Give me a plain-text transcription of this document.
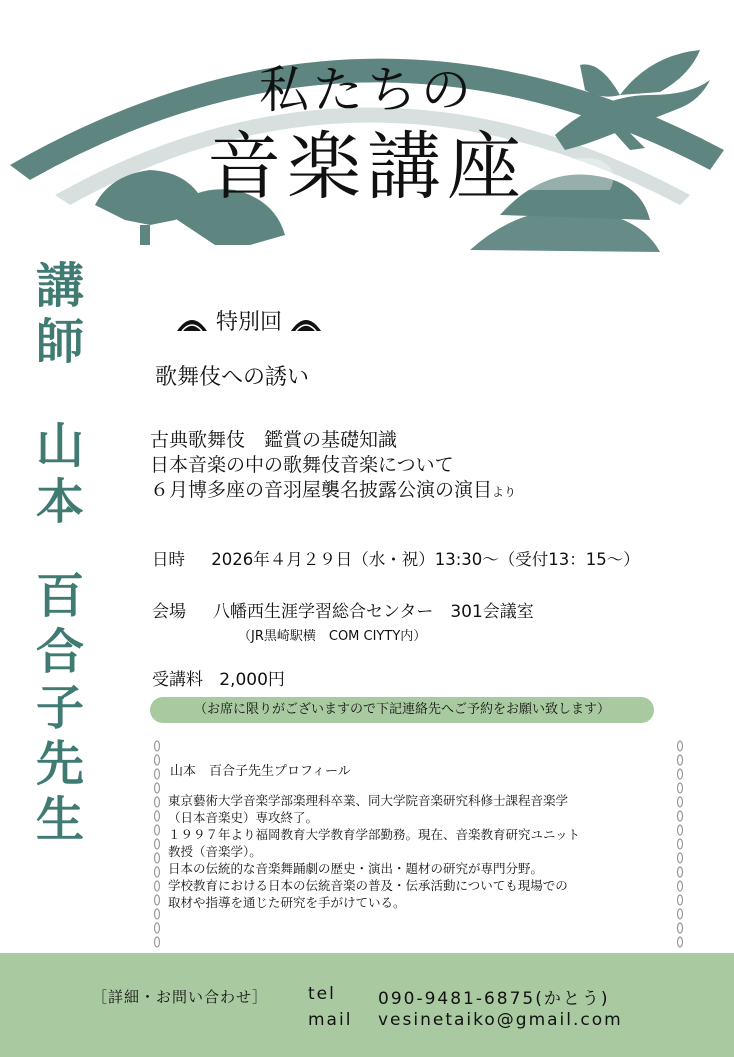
私たちの
音楽講座
講
師
山
本
百
合
子
先
生
特別回
歌舞伎への誘い
古典歌舞伎　鑑賞の基礎知識
日本音楽の中の歌舞伎音楽について
６月博多座の音羽屋襲名披露公演の演目より
日時 2026年４月２９日（水・祝）13:30〜（受付13：15〜）
会場 八幡西生涯学習総合センター　301会議室
（JR黒崎駅横　COM CIYTY内）
受講料 2,000円
（お席に限りがございますので下記連絡先へご予約をお願い致します）
山本　百合子先生プロフィール
東京藝術大学音楽学部楽理科卒業、同大学院音楽研究科修士課程音楽学
（日本音楽史）専攻終了。
１９９７年より福岡教育大学教育学部勤務。現在、音楽教育研究ユニット
教授（音楽学）。
日本の伝統的な音楽舞踊劇の歴史・演出・題材の研究が専門分野。
学校教育における日本の伝統音楽の普及・伝承活動についても現場での
取材や指導を通じた研究を手がけている。
［詳細・お問い合わせ］ tel 090-9481-6875(かとう)
mail vesinetaiko@gmail.com
